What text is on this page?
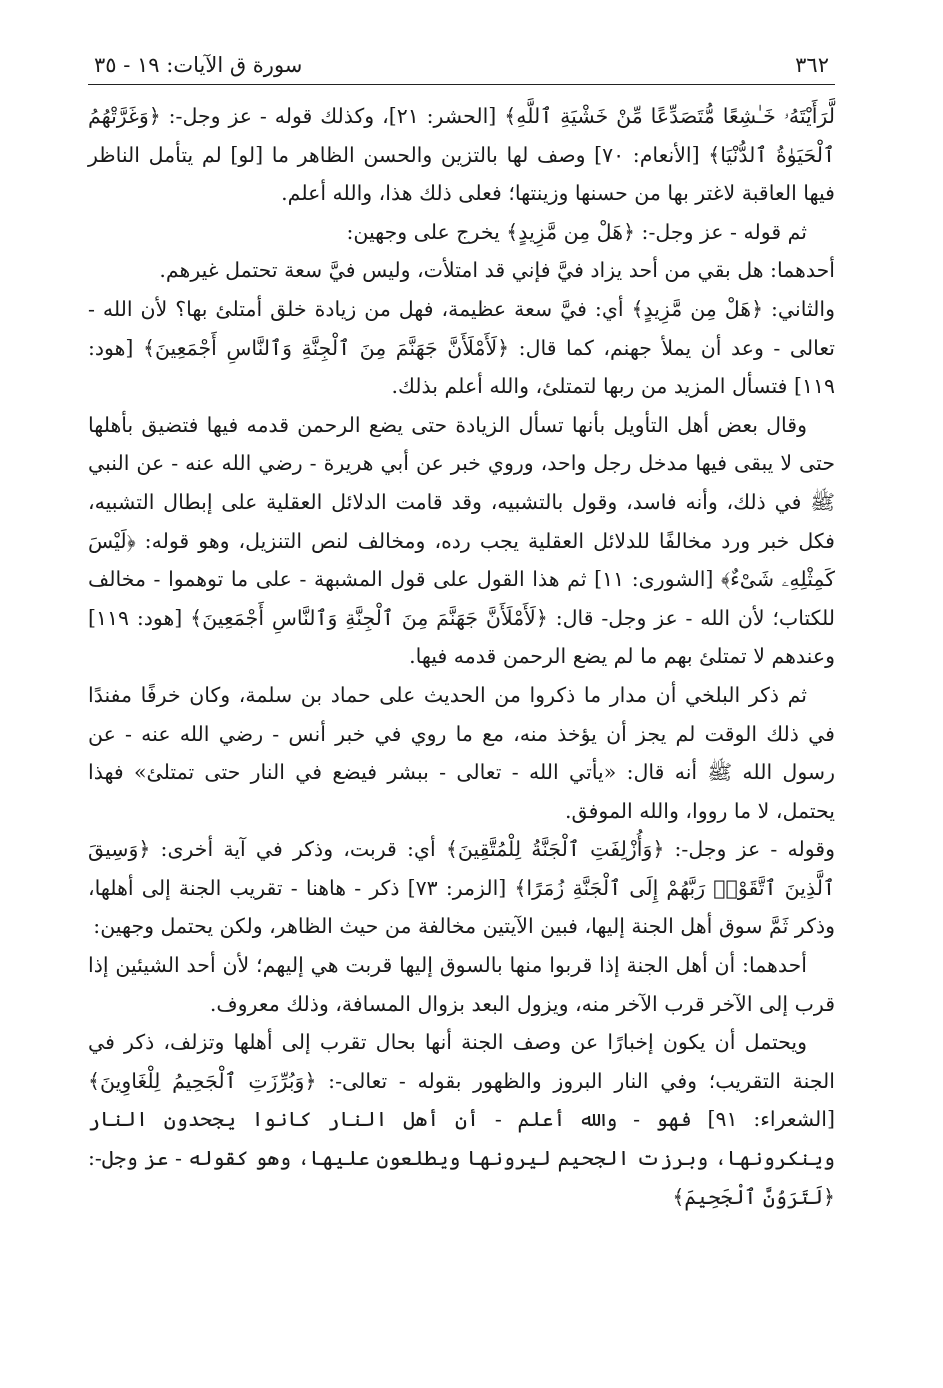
٣٦٢
سورة ق الآيات: ١٩ - ٣٥

لَّرَأَيْتَهُۥ خَـٰشِعًا مُّتَصَدِّعًا مِّنْ خَشْيَةِ ٱللَّهِ﴾ [الحشر: ٢١]، وكذلك قوله - عز وجل-: ﴿وَغَرَّتْهُمُ ٱلْحَيَوٰةُ ٱلدُّنْيَا﴾ [الأنعام: ٧٠] وصف لها بالتزين والحسن الظاهر ما [لو] لم يتأمل الناظر فيها العاقبة لاغتر بها من حسنها وزينتها؛ فعلى ذلك هذا، والله أعلم.

ثم قوله - عز وجل-: ﴿هَلْ مِن مَّزِيدٍ﴾ يخرج على وجهين:

أحدهما: هل بقي من أحد يزاد فيَّ فإني قد امتلأت، وليس فيَّ سعة تحتمل غيرهم.

والثاني: ﴿هَلْ مِن مَّزِيدٍ﴾ أي: فيَّ سعة عظيمة، فهل من زيادة خلق أمتلئ بها؟ لأن الله - تعالى - وعد أن يملأ جهنم، كما قال: ﴿لَأَمْلَأَنَّ جَهَنَّمَ مِنَ ٱلْجِنَّةِ وَٱلنَّاسِ أَجْمَعِينَ﴾ [هود: ١١٩] فتسأل المزيد من ربها لتمتلئ، والله أعلم بذلك.

وقال بعض أهل التأويل بأنها تسأل الزيادة حتى يضع الرحمن قدمه فيها فتضيق بأهلها حتى لا يبقى فيها مدخل رجل واحد، وروي خبر عن أبي هريرة - رضي الله عنه - عن النبي ﷺ في ذلك، وأنه فاسد، وقول بالتشبيه، وقد قامت الدلائل العقلية على إبطال التشبيه، فكل خبر ورد مخالفًا للدلائل العقلية يجب رده، ومخالف لنص التنزيل، وهو قوله: ﴿لَيْسَ كَمِثْلِهِۦ شَىْءٌ﴾ [الشورى: ١١] ثم هذا القول على قول المشبهة - على ما توهموا - مخالف للكتاب؛ لأن الله - عز وجل- قال: ﴿لَأَمْلَأَنَّ جَهَنَّمَ مِنَ ٱلْجِنَّةِ وَٱلنَّاسِ أَجْمَعِينَ﴾ [هود: ١١٩] وعندهم لا تمتلئ بهم ما لم يضع الرحمن قدمه فيها.

ثم ذكر البلخي أن مدار ما ذكروا من الحديث على حماد بن سلمة، وكان خرفًا مفندًا في ذلك الوقت لم يجز أن يؤخذ منه، مع ما روي في خبر أنس - رضي الله عنه - عن رسول الله ﷺ أنه قال: «يأتي الله - تعالى - ببشر فيضع في النار حتى تمتلئ» فهذا يحتمل، لا ما رووا، والله الموفق.

وقوله - عز وجل-: ﴿وَأُزْلِفَتِ ٱلْجَنَّةُ لِلْمُتَّقِينَ﴾ أي: قربت، وذكر في آية أخرى: ﴿وَسِيقَ ٱلَّذِينَ ٱتَّقَوْا۟ رَبَّهُمْ إِلَى ٱلْجَنَّةِ زُمَرًا﴾ [الزمر: ٧٣] ذكر - هاهنا - تقريب الجنة إلى أهلها، وذكر ثَمَّ سوق أهل الجنة إليها، فبين الآيتين مخالفة من حيث الظاهر، ولكن يحتمل وجهين:

أحدهما: أن أهل الجنة إذا قربوا منها بالسوق إليها قربت هي إليهم؛ لأن أحد الشيئين إذا قرب إلى الآخر قرب الآخر منه، ويزول البعد بزوال المسافة، وذلك معروف.

ويحتمل أن يكون إخبارًا عن وصف الجنة أنها بحال تقرب إلى أهلها وتزلف، ذكر في الجنة التقريب؛ وفي النار البروز والظهور بقوله - تعالى-: ﴿وَبُرِّزَتِ ٱلْجَحِيمُ لِلْغَاوِينَ﴾ [الشعراء: ٩١] فهو - والله أعلم - أن أهل النار كانوا يجحدون النار وينكرونها، وبرزت الجحيم ليرونها ويطلعون عليها، وهو كقوله - عز وجل-: ﴿لَتَرَوُنَّ ٱلْجَحِيمَ﴾
